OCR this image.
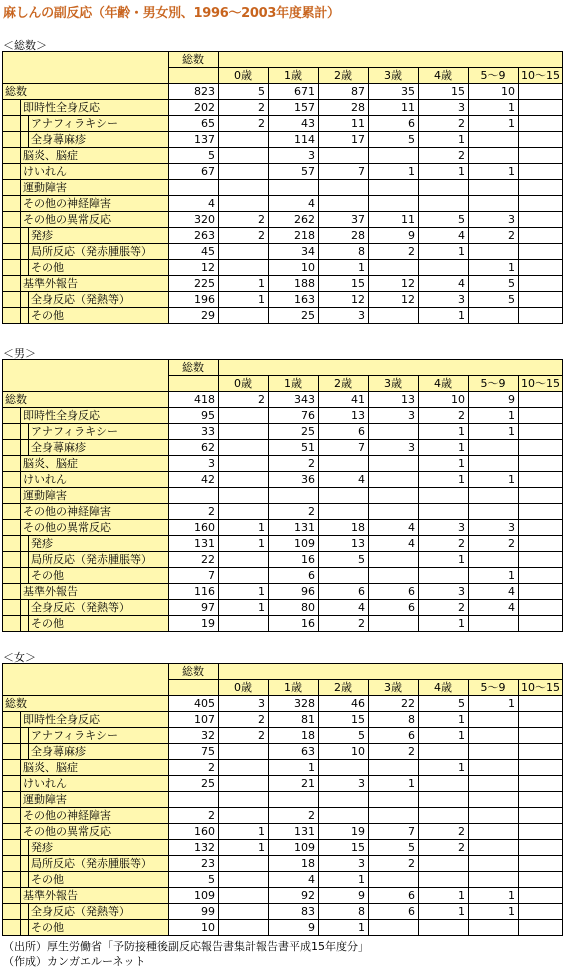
麻しんの副反応（年齢・男女別、1996～2003年度累計）
＜総数＞
			総数							
				0歳	1歳	2歳	3歳	4歳	5～9	10～15
総数			823	5	671	87	35	15	10	
	即時性全身反応		202	2	157	28	11	3	1	
		アナフィラキシー	65	2	43	11	6	2	1	
		全身蕁麻疹	137		114	17	5	1		
	脳炎、脳症		5		3			2		
	けいれん		67		57	7	1	1	1	
	運動障害									
	その他の神経障害		4		4					
	その他の異常反応		320	2	262	37	11	5	3	
		発疹	263	2	218	28	9	4	2	
		局所反応（発赤腫脹等）	45		34	8	2	1		
		その他	12		10	1			1	
	基準外報告		225	1	188	15	12	4	5	
		全身反応（発熱等）	196	1	163	12	12	3	5	
		その他	29		25	3		1		
＜男＞
			総数							
				0歳	1歳	2歳	3歳	4歳	5～9	10～15
総数			418	2	343	41	13	10	9	
	即時性全身反応		95		76	13	3	2	1	
		アナフィラキシー	33		25	6		1	1	
		全身蕁麻疹	62		51	7	3	1		
	脳炎、脳症		3		2			1		
	けいれん		42		36	4		1	1	
	運動障害									
	その他の神経障害		2		2					
	その他の異常反応		160	1	131	18	4	3	3	
		発疹	131	1	109	13	4	2	2	
		局所反応（発赤腫脹等）	22		16	5		1		
		その他	7		6				1	
	基準外報告		116	1	96	6	6	3	4	
		全身反応（発熱等）	97	1	80	4	6	2	4	
		その他	19		16	2		1		
＜女＞
			総数							
				0歳	1歳	2歳	3歳	4歳	5～9	10～15
総数			405	3	328	46	22	5	1	
	即時性全身反応		107	2	81	15	8	1		
		アナフィラキシー	32	2	18	5	6	1		
		全身蕁麻疹	75		63	10	2			
	脳炎、脳症		2		1			1		
	けいれん		25		21	3	1			
	運動障害									
	その他の神経障害		2		2					
	その他の異常反応		160	1	131	19	7	2		
		発疹	132	1	109	15	5	2		
		局所反応（発赤腫脹等）	23		18	3	2			
		その他	5		4	1				
	基準外報告		109		92	9	6	1	1	
		全身反応（発熱等）	99		83	8	6	1	1	
		その他	10		9	1				
（出所）厚生労働省「予防接種後副反応報告書集計報告書平成15年度分」
（作成）カンガエルーネット
